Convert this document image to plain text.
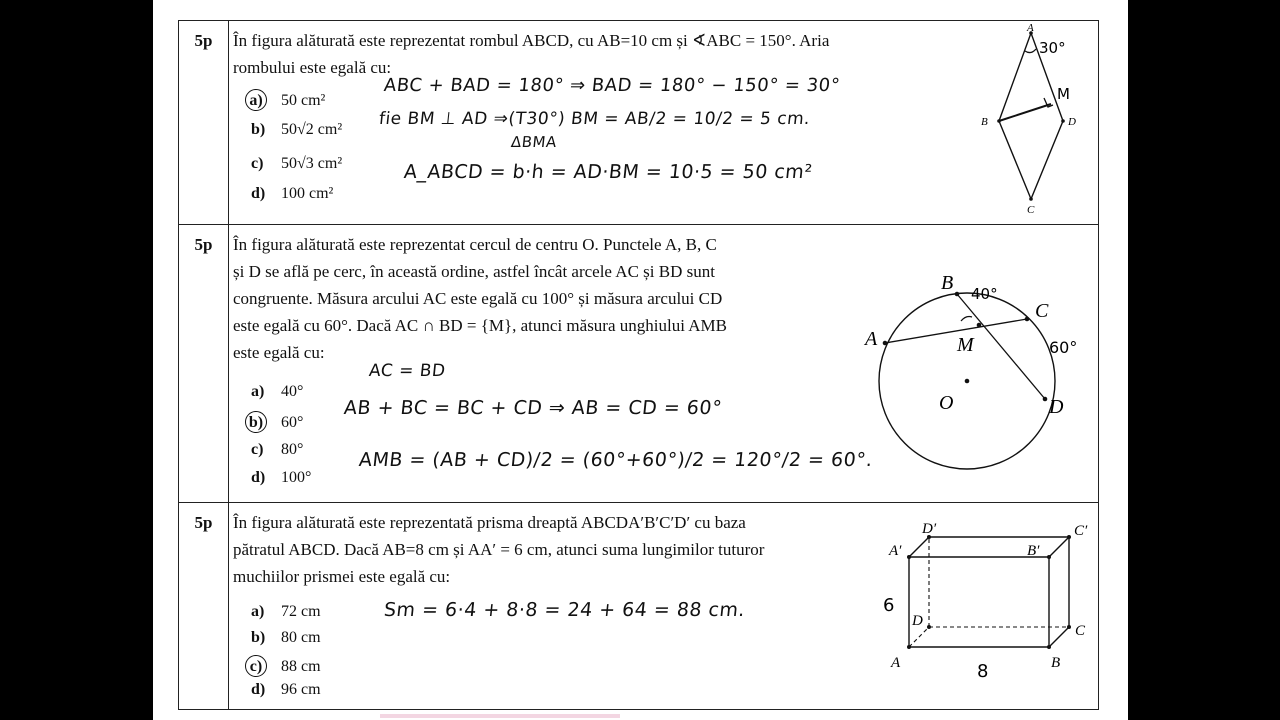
5p	În figura alăturată este reprezentat rombul ABCD, cu AB=10 cm și ∢ABC = 150°. Aria
rombului este egală cu:
a) 50 cm²
b) 50√2 cm²
c) 50√3 cm²
d) 100 cm²
ABC + BAD = 180° ⇒ BAD = 180° − 150° = 30°
fie BM ⊥ AD ⇒(T30°) BM = AB/2 = 10/2 = 5 cm.
ΔBMA
A_ABCD = b·h = AD·BM = 10·5 = 50 cm²
A
B
C
D
M
30°
5p	În figura alăturată este reprezentat cercul de centru O. Punctele A, B, C
și D se află pe cerc, în această ordine, astfel încât arcele AC și BD sunt
congruente. Măsura arcului AC este egală cu 100° și măsura arcului CD
este egală cu 60°. Dacă AC ∩ BD = {M}, atunci măsura unghiului AMB
este egală cu:
a) 40°
b) 60°
c) 80°
d) 100°
AC = BD
AB + BC = BC + CD ⇒ AB = CD = 60°
AMB = (AB + CD)/2 = (60°+60°)/2 = 120°/2 = 60°.
A
B
C
D
M
O
40°
60°
5p	În figura alăturată este reprezentată prisma dreaptă ABCDA′B′C′D′ cu baza
pătratul ABCD. Dacă AB=8 cm și AA′ = 6 cm, atunci suma lungimilor tuturor
muchiilor prismei este egală cu:
a) 72 cm
b) 80 cm
c) 88 cm
d) 96 cm
Sm = 6·4 + 8·8 = 24 + 64 = 88 cm.
A	B
C
D
A′	B′
C′
D′
6
8
